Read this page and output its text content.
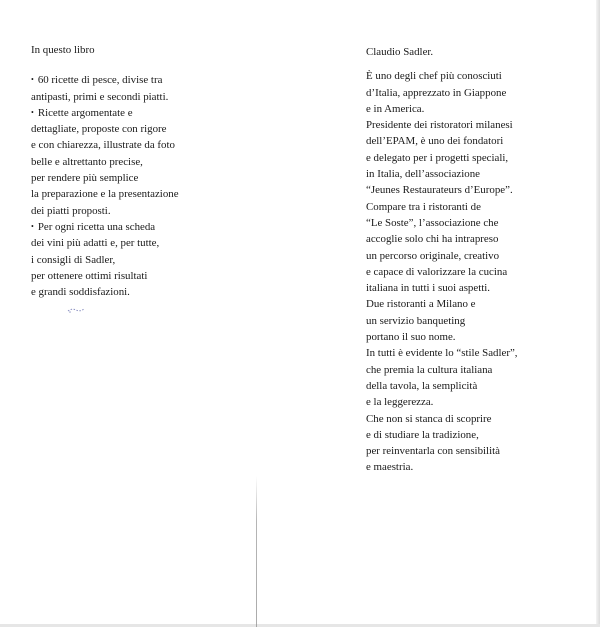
In questo libro
• 60 ricette di pesce, divise tra
antipasti, primi e secondi piatti.
• Ricette argomentate e
dettagliate, proposte con rigore
e con chiarezza, illustrate da foto
belle e altrettanto precise,
per rendere più semplice
la preparazione e la presentazione
dei piatti proposti.
• Per ogni ricetta una scheda
dei vini più adatti e, per tutte,
i consigli di Sadler,
per ottenere ottimi risultati
e grandi soddisfazioni.
Claudio Sadler.
È uno degli chef più conosciuti
d’Italia, apprezzato in Giappone
e in America.
Presidente dei ristoratori milanesi
dell’EPAM, è uno dei fondatori
e delegato per i progetti speciali,
in Italia, dell’associazione
“Jeunes Restaurateurs d’Europe”.
Compare tra i ristoranti de
“Le Soste”, l’associazione che
accoglie solo chi ha intrapreso
un percorso originale, creativo
e capace di valorizzare la cucina
italiana in tutti i suoi aspetti.
Due ristoranti a Milano e
un servizio banqueting
portano il suo nome.
In tutti è evidente lo “stile Sadler”,
che premia la cultura italiana
della tavola, la semplicità
e la leggerezza.
Che non si stanca di scoprire
e di studiare la tradizione,
per reinventarla con sensibilità
e maestria.
